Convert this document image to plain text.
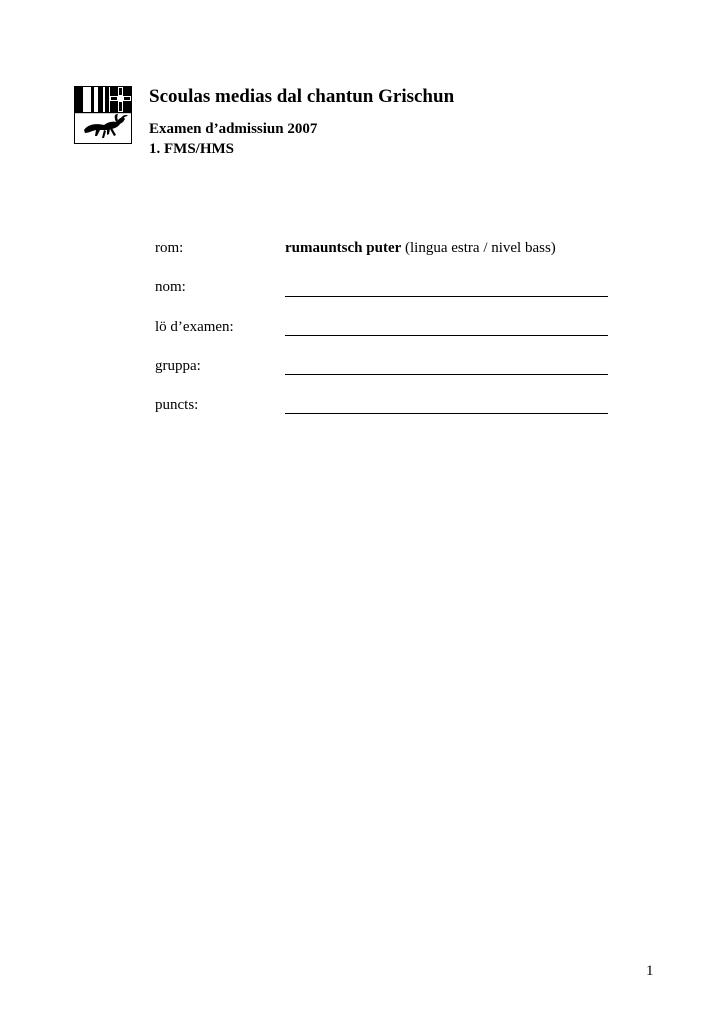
Scoulas medias dal chantun Grischun
Examen d’admissiun 2007
1. FMS/HMS
rom:	rumauntsch puter (lingua estra / nivel bass)
nom:
lö d’examen:
gruppa:
puncts:
1
